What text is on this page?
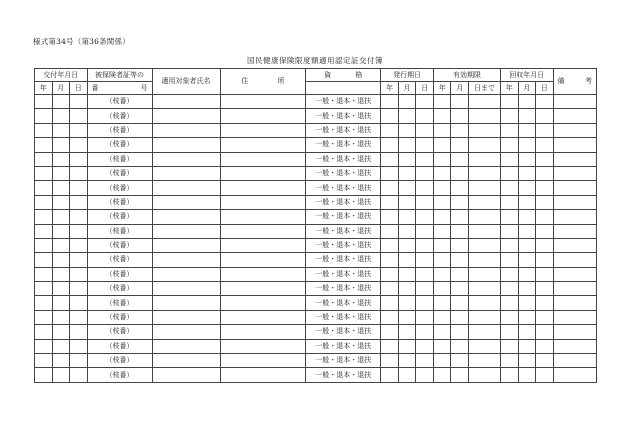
様式第34号（第36条関係）
国民健康保険限度額適用認定証交付簿
交付年月日			被保険者証等の	適用対象者氏名	住 所	資 格	発行期日			有効期限			回収年月日			備 考

年	月	日	番 号				年	月	日	年	月	日まで	年	月	日	
			（枝番）			一般・退本・退扶										
			（枝番）			一般・退本・退扶										
			（枝番）			一般・退本・退扶										
			（枝番）			一般・退本・退扶										
			（枝番）			一般・退本・退扶										
			（枝番）			一般・退本・退扶										
			（枝番）			一般・退本・退扶										
			（枝番）			一般・退本・退扶										
			（枝番）			一般・退本・退扶										
			（枝番）			一般・退本・退扶										
			（枝番）			一般・退本・退扶										
			（枝番）			一般・退本・退扶										
			（枝番）			一般・退本・退扶										
			（枝番）			一般・退本・退扶										
			（枝番）			一般・退本・退扶										
			（枝番）			一般・退本・退扶										
			（枝番）			一般・退本・退扶										
			（枝番）			一般・退本・退扶										
			（枝番）			一般・退本・退扶										
			（枝番）			一般・退本・退扶										
